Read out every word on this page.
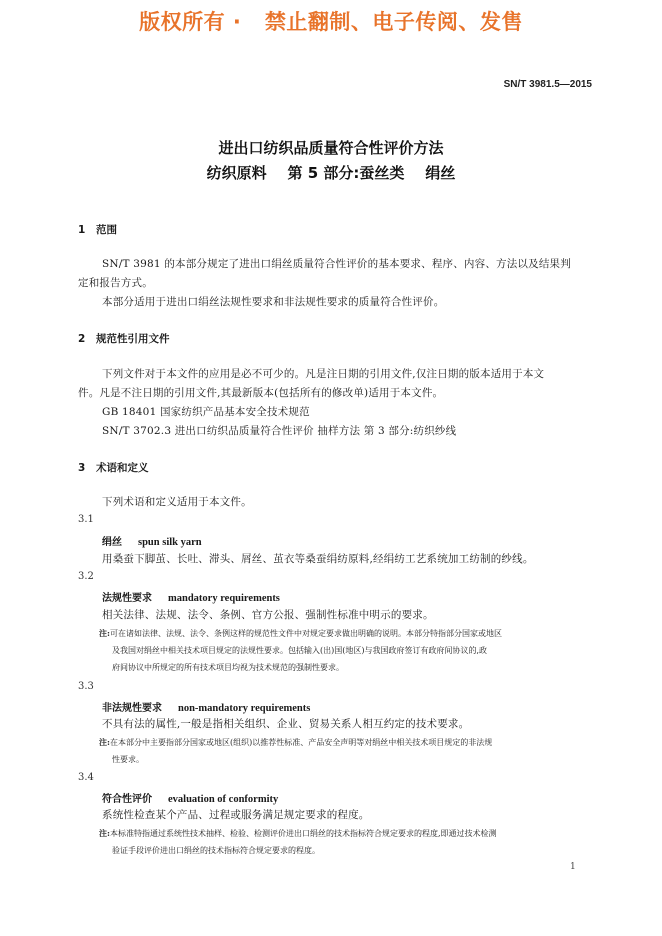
版权所有 ·   禁止翻制、电子传阅、发售
SN/T 3981.5—2015
进出口纺织品质量符合性评价方法
纺织原料    第 5 部分:蚕丝类    绢丝
1 范围
SN/T 3981 的本部分规定了进出口绢丝质量符合性评价的基本要求、程序、内容、方法以及结果判
定和报告方式。
本部分适用于进出口绢丝法规性要求和非法规性要求的质量符合性评价。
2 规范性引用文件
下列文件对于本文件的应用是必不可少的。凡是注日期的引用文件,仅注日期的版本适用于本文
件。凡是不注日期的引用文件,其最新版本(包括所有的修改单)适用于本文件。
GB 18401 国家纺织产品基本安全技术规范
SN/T 3702.3 进出口纺织品质量符合性评价 抽样方法 第 3 部分:纺织纱线
3 术语和定义
下列术语和定义适用于本文件。
3.1
绢丝 spun silk yarn
用桑蚕下脚茧、长吐、滞头、屑丝、茧衣等桑蚕绢纺原料,经绢纺工艺系统加工纺制的纱线。
3.2
法规性要求 mandatory requirements
相关法律、法规、法令、条例、官方公报、强制性标准中明示的要求。
注:可在诸如法律、法规、法令、条例这样的规范性文件中对规定要求做出明确的说明。本部分特指部分国家或地区
及我国对绢丝中相关技术项目规定的法规性要求。包括输入(出)国(地区)与我国政府签订有政府间协议的,政
府间协议中所规定的所有技术项目均视为技术规范的强制性要求。
3.3
非法规性要求 non-mandatory requirements
不具有法的属性,一般是指相关组织、企业、贸易关系人相互约定的技术要求。
注:在本部分中主要指部分国家或地区(组织)以推荐性标准、产品安全声明等对绢丝中相关技术项目规定的非法规
性要求。
3.4
符合性评价 evaluation of conformity
系统性检查某个产品、过程或服务满足规定要求的程度。
注:本标准特指通过系统性技术抽样、检验、检测评价进出口绢丝的技术指标符合规定要求的程度,即通过技术检测
验证手段评价进出口绢丝的技术指标符合规定要求的程度。
1
